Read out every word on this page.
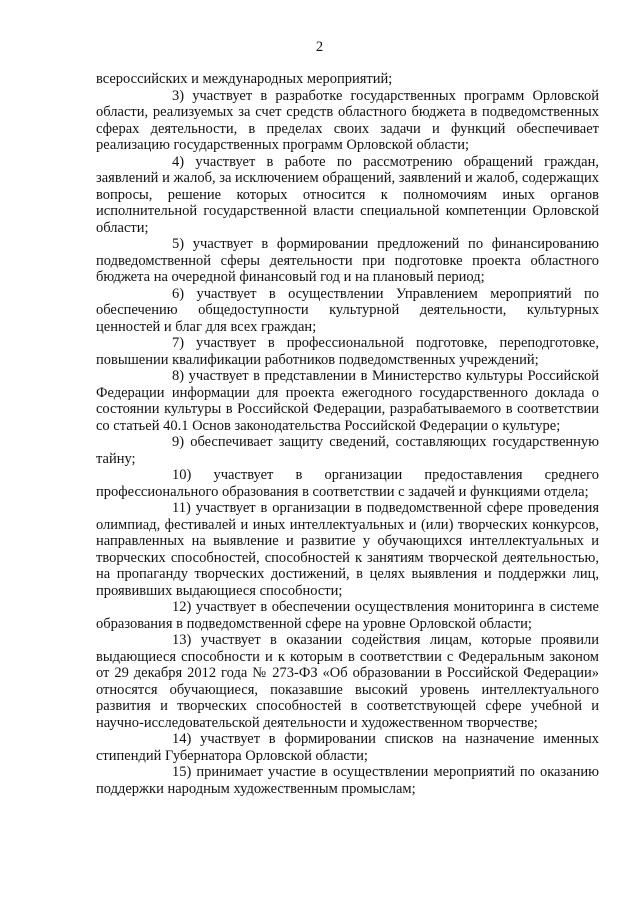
2

всероссийских и международных мероприятий;

3) участвует в разработке государственных программ Орловской области, реализуемых за счет средств областного бюджета в подведомственных сферах деятельности, в пределах своих задачи и функций обеспечивает реализацию государственных программ Орловской области;

4) участвует в работе по рассмотрению обращений граждан, заявлений и жалоб, за исключением обращений, заявлений и жалоб, содержащих вопросы, решение которых относится к полномочиям иных органов исполнительной государственной власти специальной компетенции Орловской области;

5) участвует в формировании предложений по финансированию подведомственной сферы деятельности при подготовке проекта областного бюджета на очередной финансовый год и на плановый период;

6) участвует в осуществлении Управлением мероприятий по обеспечению общедоступности культурной деятельности, культурных ценностей и благ для всех граждан;

7) участвует в профессиональной подготовке, переподготовке, повышении квалификации работников подведомственных учреждений;

8) участвует в представлении в Министерство культуры Российской Федерации информации для проекта ежегодного государственного доклада о состоянии культуры в Российской Федерации, разрабатываемого в соответствии со статьей 40.1 Основ законодательства Российской Федерации о культуре;

9) обеспечивает защиту сведений, составляющих государственную тайну;

10) участвует в организации предоставления среднего профессионального образования в соответствии с задачей и функциями отдела;

11) участвует в организации в подведомственной сфере проведения олимпиад, фестивалей и иных интеллектуальных и (или) творческих конкурсов, направленных на выявление и развитие у обучающихся интеллектуальных и творческих способностей, способностей к занятиям творческой деятельностью, на пропаганду творческих достижений, в целях выявления и поддержки лиц, проявивших выдающиеся способности;

12) участвует в обеспечении осуществления мониторинга в системе образования в подведомственной сфере на уровне Орловской области;

13) участвует в оказании содействия лицам, которые проявили выдающиеся способности и к которым в соответствии с Федеральным законом от 29 декабря 2012 года № 273-ФЗ «Об образовании в Российской Федерации» относятся обучающиеся, показавшие высокий уровень интеллектуального развития и творческих способностей в соответствующей сфере учебной и научно-исследовательской деятельности и художественном творчестве;

14) участвует в формировании списков на назначение именных стипендий Губернатора Орловской области;

15) принимает участие в осуществлении мероприятий по оказанию поддержки народным художественным промыслам;
